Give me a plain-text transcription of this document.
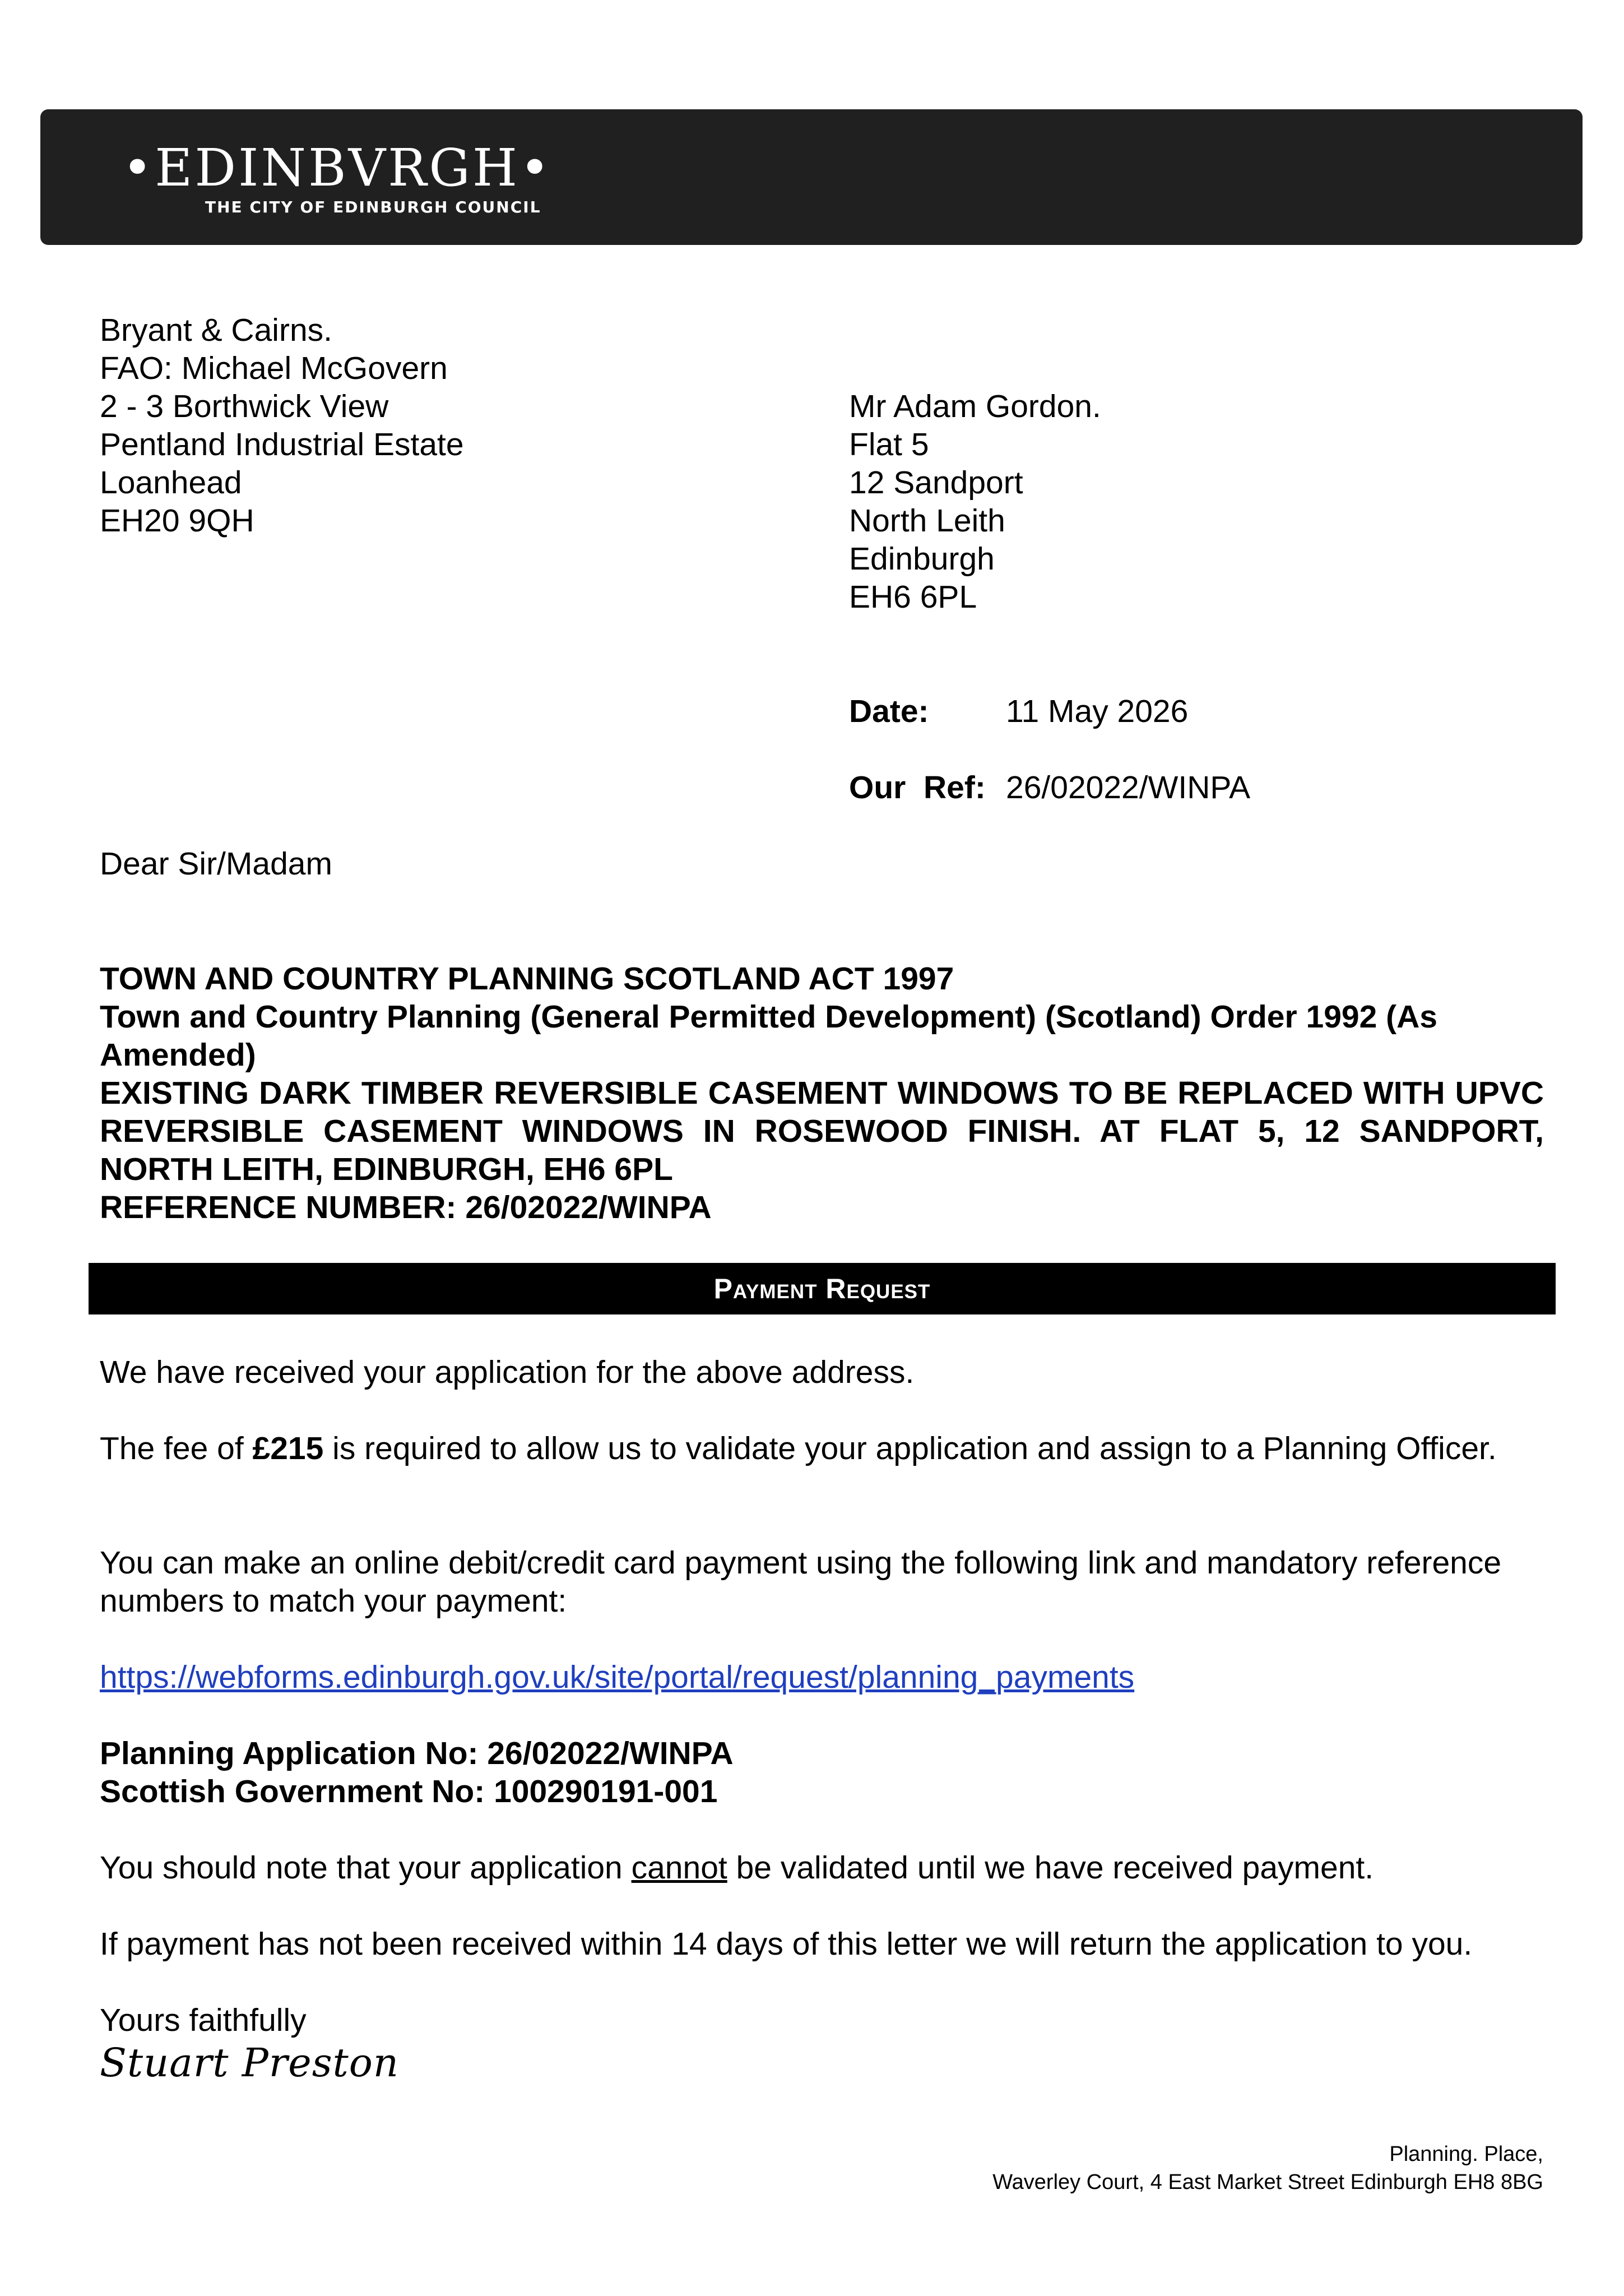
•EDINBVRGH•
THE CITY OF EDINBURGH COUNCIL
Bryant & Cairns.
FAO: Michael McGovern
2 - 3 Borthwick View
Pentland Industrial Estate
Loanhead
EH20 9QH
Mr Adam Gordon.
Flat 5
12 Sandport
North Leith
Edinburgh
EH6 6PL
Date: 11 May 2026
Our  Ref: 26/02022/WINPA
Dear Sir/Madam
TOWN AND COUNTRY PLANNING SCOTLAND ACT 1997
Town and Country Planning (General Permitted Development) (Scotland) Order 1992 (As Amended)
EXISTING DARK TIMBER REVERSIBLE CASEMENT WINDOWS TO BE REPLACED WITH UPVC REVERSIBLE CASEMENT WINDOWS IN ROSEWOOD FINISH. AT FLAT 5, 12 SANDPORT, NORTH LEITH, EDINBURGH, EH6 6PL
REFERENCE NUMBER: 26/02022/WINPA
Payment Request
We have received your application for the above address.
The fee of £215 is required to allow us to validate your application and assign to a Planning Officer.
You can make an online debit/credit card payment using the following link and mandatory reference numbers to match your payment:
https://webforms.edinburgh.gov.uk/site/portal/request/planning_payments
Planning Application No: 26/02022/WINPA
Scottish Government No: 100290191-001
You should note that your application cannot be validated until we have received payment.
If payment has not been received within 14 days of this letter we will return the application to you.
Yours faithfully
Stuart Preston
Planning. Place,
Waverley Court, 4 East Market Street Edinburgh EH8 8BG
